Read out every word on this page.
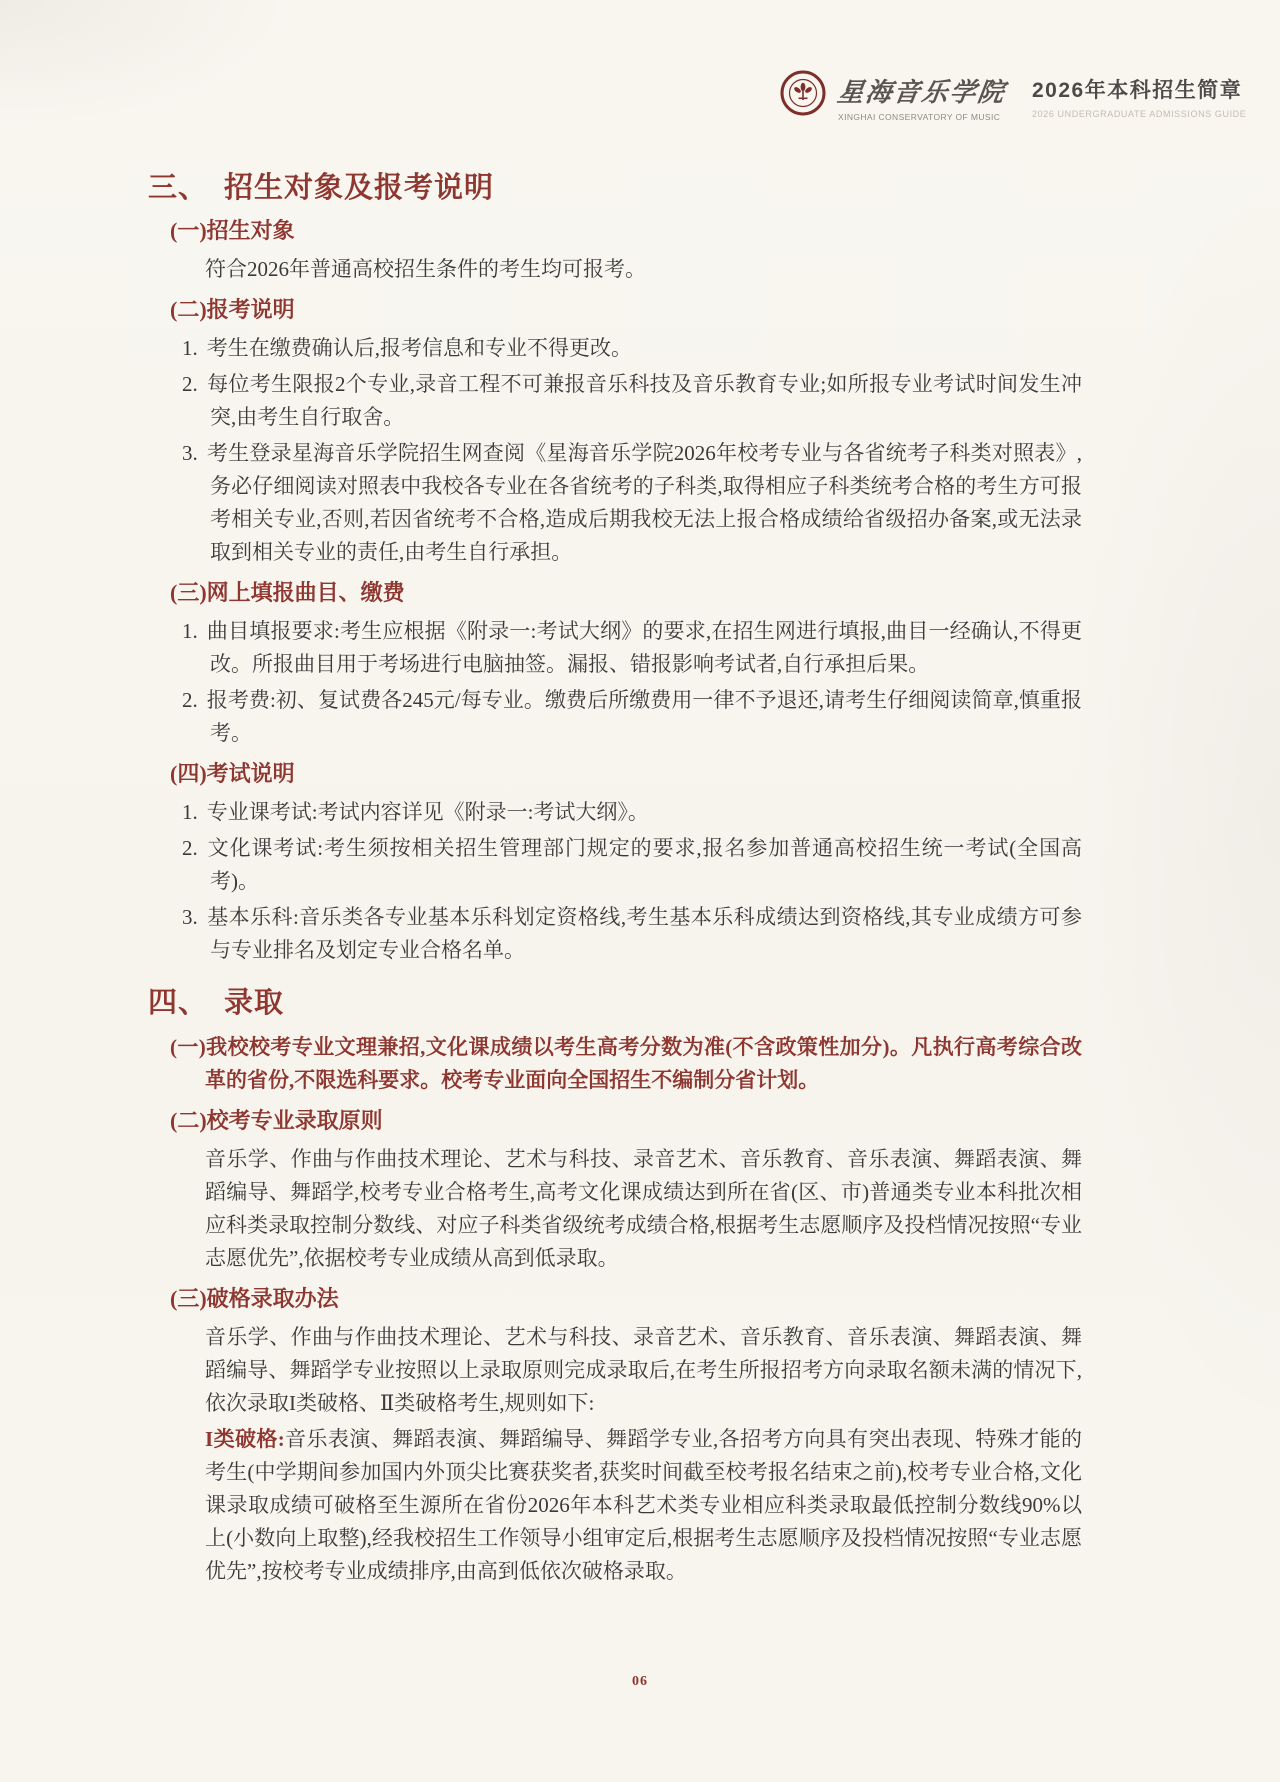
星海音乐学院
XINGHAI CONSERVATORY OF MUSIC
2026年本科招生简章
2026 UNDERGRADUATE ADMISSIONS GUIDE
三、 招生对象及报考说明
(一)招生对象

符合2026年普通高校招生条件的考生均可报考。

(二)报考说明

1. 考生在缴费确认后,报考信息和专业不得更改。

2. 每位考生限报2个专业,录音工程不可兼报音乐科技及音乐教育专业;如所报专业考试时间发生冲突,由考生自行取舍。

3. 考生登录星海音乐学院招生网查阅《星海音乐学院2026年校考专业与各省统考子科类对照表》,务必仔细阅读对照表中我校各专业在各省统考的子科类,取得相应子科类统考合格的考生方可报考相关专业,否则,若因省统考不合格,造成后期我校无法上报合格成绩给省级招办备案,或无法录取到相关专业的责任,由考生自行承担。

(三)网上填报曲目、缴费

1. 曲目填报要求:考生应根据《附录一:考试大纲》的要求,在招生网进行填报,曲目一经确认,不得更改。所报曲目用于考场进行电脑抽签。漏报、错报影响考试者,自行承担后果。

2. 报考费:初、复试费各245元/每专业。缴费后所缴费用一律不予退还,请考生仔细阅读简章,慎重报考。

(四)考试说明

1. 专业课考试:考试内容详见《附录一:考试大纲》。

2. 文化课考试:考生须按相关招生管理部门规定的要求,报名参加普通高校招生统一考试(全国高考)。

3. 基本乐科:音乐类各专业基本乐科划定资格线,考生基本乐科成绩达到资格线,其专业成绩方可参与专业排名及划定专业合格名单。

四、 录取

(一)我校校考专业文理兼招,文化课成绩以考生高考分数为准(不含政策性加分)。凡执行高考综合改革的省份,不限选科要求。校考专业面向全国招生不编制分省计划。

(二)校考专业录取原则

音乐学、作曲与作曲技术理论、艺术与科技、录音艺术、音乐教育、音乐表演、舞蹈表演、舞蹈编导、舞蹈学,校考专业合格考生,高考文化课成绩达到所在省(区、市)普通类专业本科批次相应科类录取控制分数线、对应子科类省级统考成绩合格,根据考生志愿顺序及投档情况按照“专业志愿优先”,依据校考专业成绩从高到低录取。

(三)破格录取办法

音乐学、作曲与作曲技术理论、艺术与科技、录音艺术、音乐教育、音乐表演、舞蹈表演、舞蹈编导、舞蹈学专业按照以上录取原则完成录取后,在考生所报招考方向录取名额未满的情况下,依次录取I类破格、Ⅱ类破格考生,规则如下:

I类破格:音乐表演、舞蹈表演、舞蹈编导、舞蹈学专业,各招考方向具有突出表现、特殊才能的考生(中学期间参加国内外顶尖比赛获奖者,获奖时间截至校考报名结束之前),校考专业合格,文化课录取成绩可破格至生源所在省份2026年本科艺术类专业相应科类录取最低控制分数线90%以上(小数向上取整),经我校招生工作领导小组审定后,根据考生志愿顺序及投档情况按照“专业志愿优先”,按校考专业成绩排序,由高到低依次破格录取。

06
